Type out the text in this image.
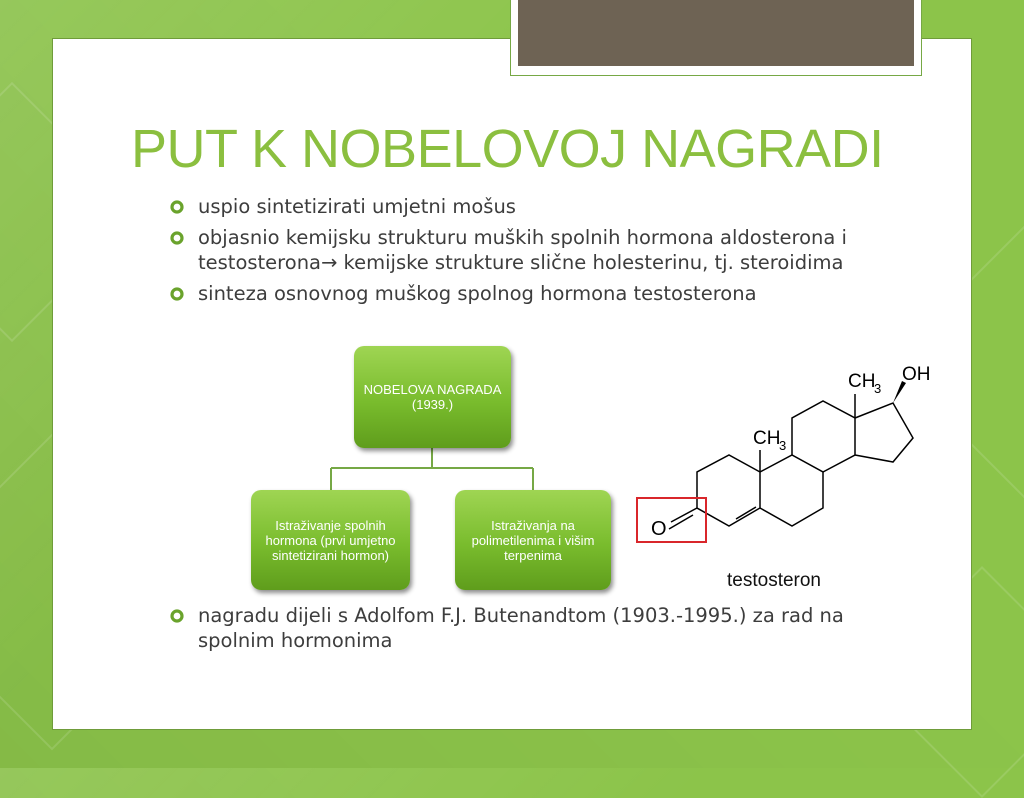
PUT K NOBELOVOJ NAGRADI
uspio sintetizirati umjetni mošus
objasnio kemijsku strukturu muških spolnih hormona aldosterona i testosterona→ kemijske strukture slične holesterinu, tj. steroidima
sinteza osnovnog muškog spolnog hormona testosterona
NOBELOVA NAGRADA (1939.)
Istraživanje spolnih hormona (prvi umjetno sintetizirani hormon)
Istraživanja na polimetilenima i višim terpenima
O
CH
3
CH
3
OH
testosteron
nagradu dijeli s Adolfom F.J. Butenandtom (1903.-1995.) za rad na spolnim hormonima
